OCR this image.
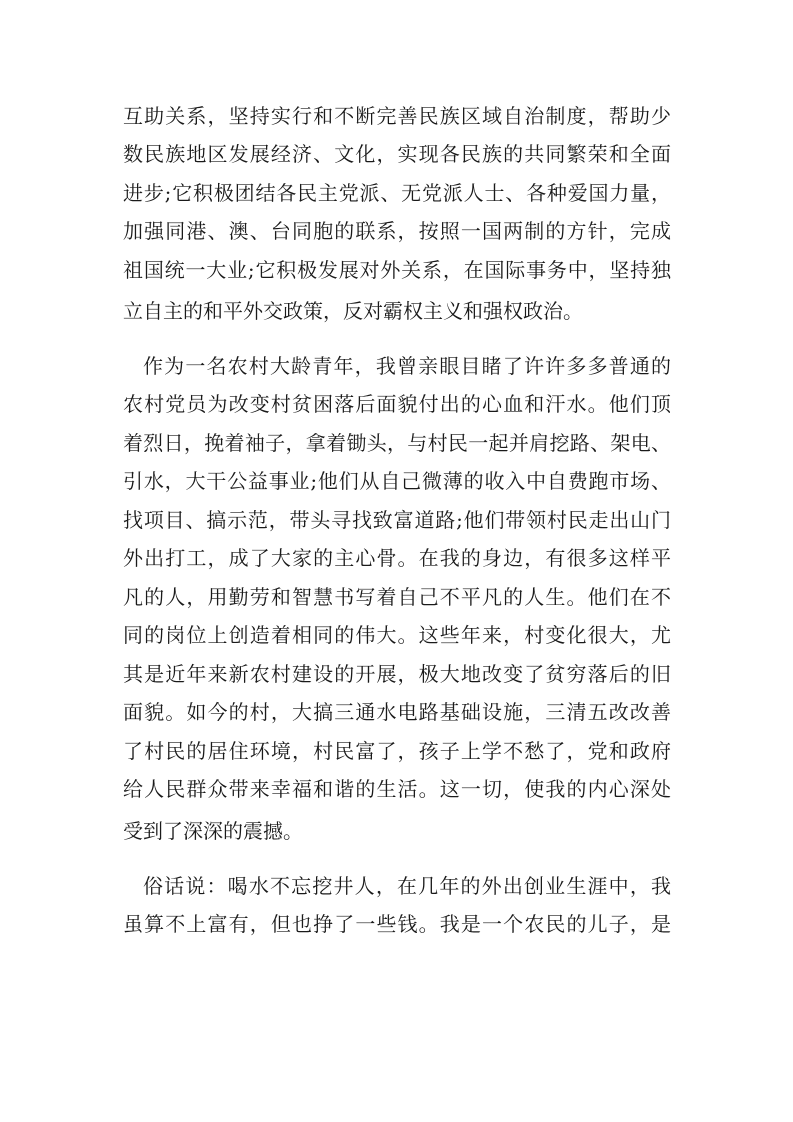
互助关系，坚持实行和不断完善民族区域自治制度，帮助少
数民族地区发展经济、文化，实现各民族的共同繁荣和全面
进步;它积极团结各民主党派、无党派人士、各种爱国力量，
加强同港、澳、台同胞的联系，按照一国两制的方针，完成
祖国统一大业;它积极发展对外关系，在国际事务中，坚持独
立自主的和平外交政策，反对霸权主义和强权政治。
作为一名农村大龄青年，我曾亲眼目睹了许许多多普通的
农村党员为改变村贫困落后面貌付出的心血和汗水。他们顶
着烈日，挽着袖子，拿着锄头，与村民一起并肩挖路、架电、
引水，大干公益事业;他们从自己微薄的收入中自费跑市场、
找项目、搞示范，带头寻找致富道路;他们带领村民走出山门
外出打工，成了大家的主心骨。在我的身边，有很多这样平
凡的人，用勤劳和智慧书写着自己不平凡的人生。他们在不
同的岗位上创造着相同的伟大。这些年来，村变化很大，尤
其是近年来新农村建设的开展，极大地改变了贫穷落后的旧
面貌。如今的村，大搞三通水电路基础设施，三清五改改善
了村民的居住环境，村民富了，孩子上学不愁了，党和政府
给人民群众带来幸福和谐的生活。这一切，使我的内心深处
受到了深深的震撼。
俗话说：喝水不忘挖井人，在几年的外出创业生涯中，我
虽算不上富有，但也挣了一些钱。我是一个农民的儿子，是
